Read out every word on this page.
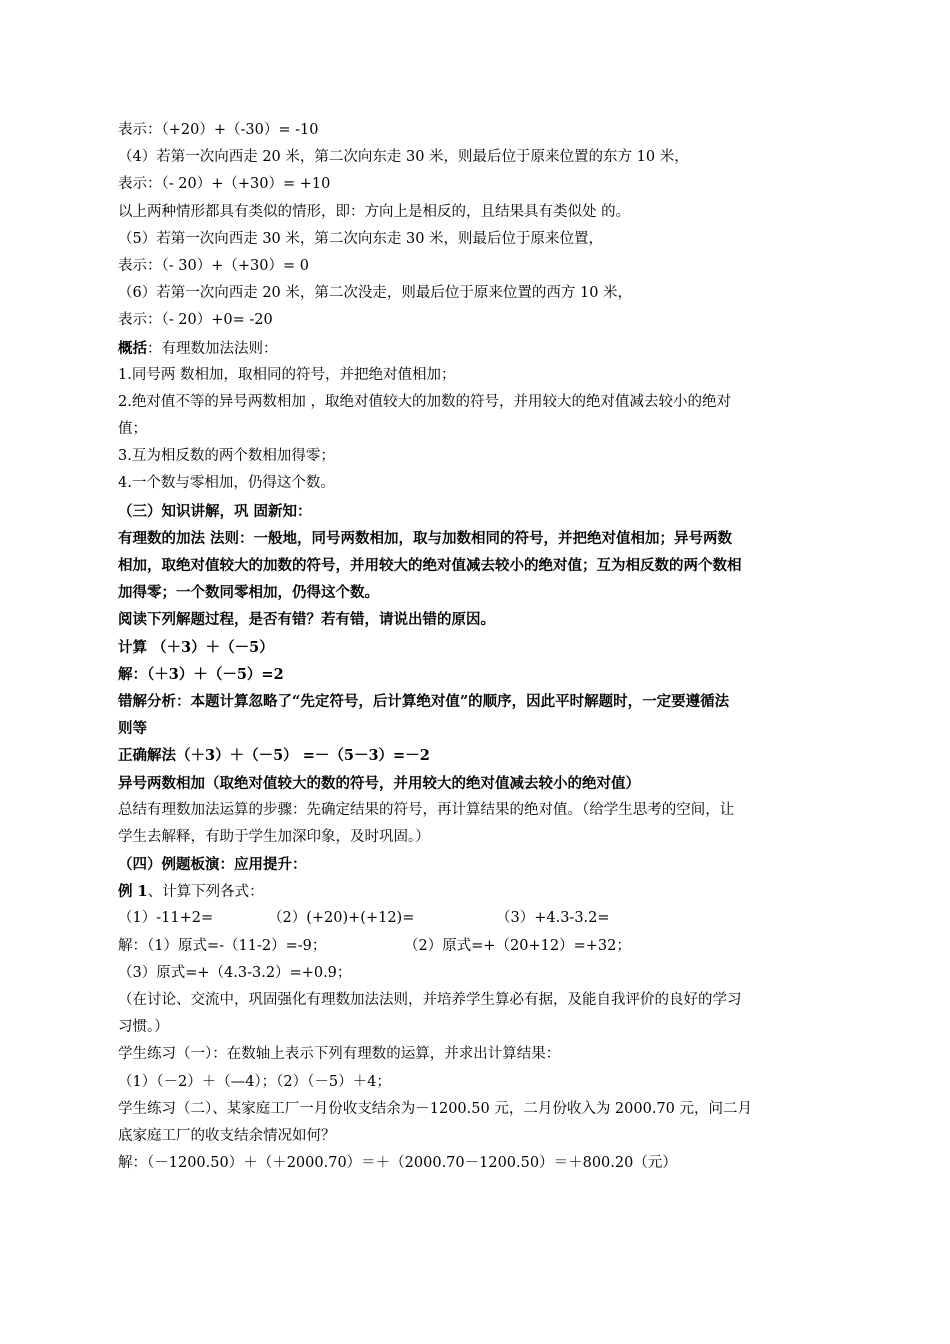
表示：（+20）+（-30）= -10
（4）若第一次向西走 20 米，第二次向东走 30 米，则最后位于原来位置的东方 10 米，
表示：（- 20）+（+30）= +10
以上两种情形都具有类似的情形，即：方向上是相反的，且结果具有类似处 的。
（5）若第一次向西走 30 米，第二次向东走 30 米，则最后位于原来位置，
表示：（- 30）+（+30）= 0
（6）若第一次向西走 20 米，第二次没走，则最后位于原来位置的西方 10 米，
表示：（- 20）+0= -20
概括：有理数加法法则：
1.同号两 数相加，取相同的符号，并把绝对值相加；
2.绝对值不等的异号两数相加 ，取绝对值较大的加数的符号，并用较大的绝对值减去较小的绝对
值；
3.互为相反数的两个数相加得零；
4.一个数与零相加，仍得这个数。
（三）知识讲解，巩 固新知：
有理数的加法 法则：一般地，同号两数相加，取与加数相同的符号，并把绝对值相加；异号两数
相加，取绝对值较大的加数的符号，并用较大的绝对值减去较小的绝对值；互为相反数的两个数相
加得零；一个数同零相加，仍得这个数。
阅读下列解题过程，是否有错？若有错，请说出错的原因。
计算 （＋3）＋（－5）
解：（＋3）＋（－5）=2
错解分析：本题计算忽略了“先定符号，后计算绝对值”的顺序，因此平时解题时，一定要遵循法
则等
正确解法（＋3）＋（－5） =－（5－3）=－2
异号两数相加（取绝对值较大的数的符号，并用较大的绝对值减去较小的绝对值）
总结有理数加法运算的步骤：先确定结果的符号，再计算结果的绝对值。（给学生思考的空间，让
学生去解释，有助于学生加深印象，及时巩固。）
（四）例题板演：应用提升：
例 1、计算下列各式：
（1）-11+2=	（2）(+20)+(+12)=	（3）+4.3-3.2=
解：（1）原式=-（11-2）=-9；	（2）原式=+（20+12）=+32；
（3）原式=+（4.3-3.2）=+0.9；
（在讨论、交流中，巩固强化有理数加法法则，并培养学生算必有据，及能自我评价的良好的学习
习惯。）
学生练习（一）：在数轴上表示下列有理数的运算，并求出计算结果：
（1）（－2）＋（—4）；（2）（－5）＋4；
学生练习（二）、某家庭工厂一月份收支结余为－1200.50 元，二月份收入为 2000.70 元，问二月
底家庭工厂的收支结余情况如何？
解：（－1200.50）＋（＋2000.70）＝＋（2000.70－1200.50）＝＋800.20（元）
